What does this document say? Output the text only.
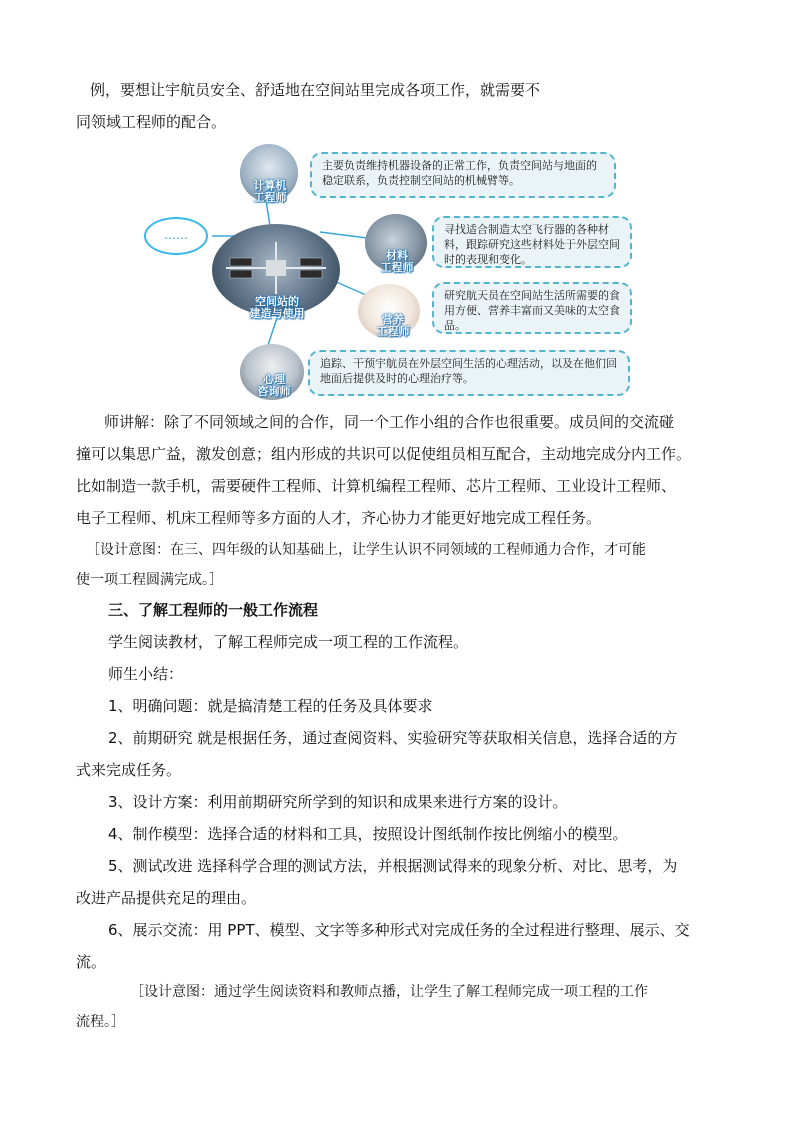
例，要想让宇航员安全、舒适地在空间站里完成各项工作，就需要不
同领域工程师的配合。
……
空间站的
建造与使用
计算机
工程师
主要负责维持机器设备的正常工作，负责空间站与地面的稳定联系，负责控制空间站的机械臂等。
材料
工程师
寻找适合制造太空飞行器的各种材料，跟踪研究这些材料处于外层空间时的表现和变化。
营养
工程师
研究航天员在空间站生活所需要的食用方便、营养丰富而又美味的太空食品。
心理
咨询师
追踪、干预宇航员在外层空间生活的心理活动，以及在他们回地面后提供及时的心理治疗等。
师讲解：除了不同领域之间的合作，同一个工作小组的合作也很重要。成员间的交流碰
撞可以集思广益，激发创意；组内形成的共识可以促使组员相互配合，主动地完成分内工作。
比如制造一款手机，需要硬件工程师、计算机编程工程师、芯片工程师、工业设计工程师、
电子工程师、机床工程师等多方面的人才，齐心协力才能更好地完成工程任务。
［设计意图：在三、四年级的认知基础上，让学生认识不同领域的工程师通力合作，才可能
使一项工程圆满完成。］
三、了解工程师的一般工作流程
学生阅读教材，了解工程师完成一项工程的工作流程。
师生小结：
1、明确问题：就是搞清楚工程的任务及具体要求
2、前期研究 就是根据任务，通过查阅资料、实验研究等获取相关信息，选择合适的方
式来完成任务。
3、设计方案：利用前期研究所学到的知识和成果来进行方案的设计。
4、制作模型：选择合适的材料和工具，按照设计图纸制作按比例缩小的模型。
5、测试改进 选择科学合理的测试方法，并根据测试得来的现象分析、对比、思考，为
改进产品提供充足的理由。
6、展示交流：用 PPT、模型、文字等多种形式对完成任务的全过程进行整理、展示、交
流。
［设计意图：通过学生阅读资料和教师点播，让学生了解工程师完成一项工程的工作
流程。］
